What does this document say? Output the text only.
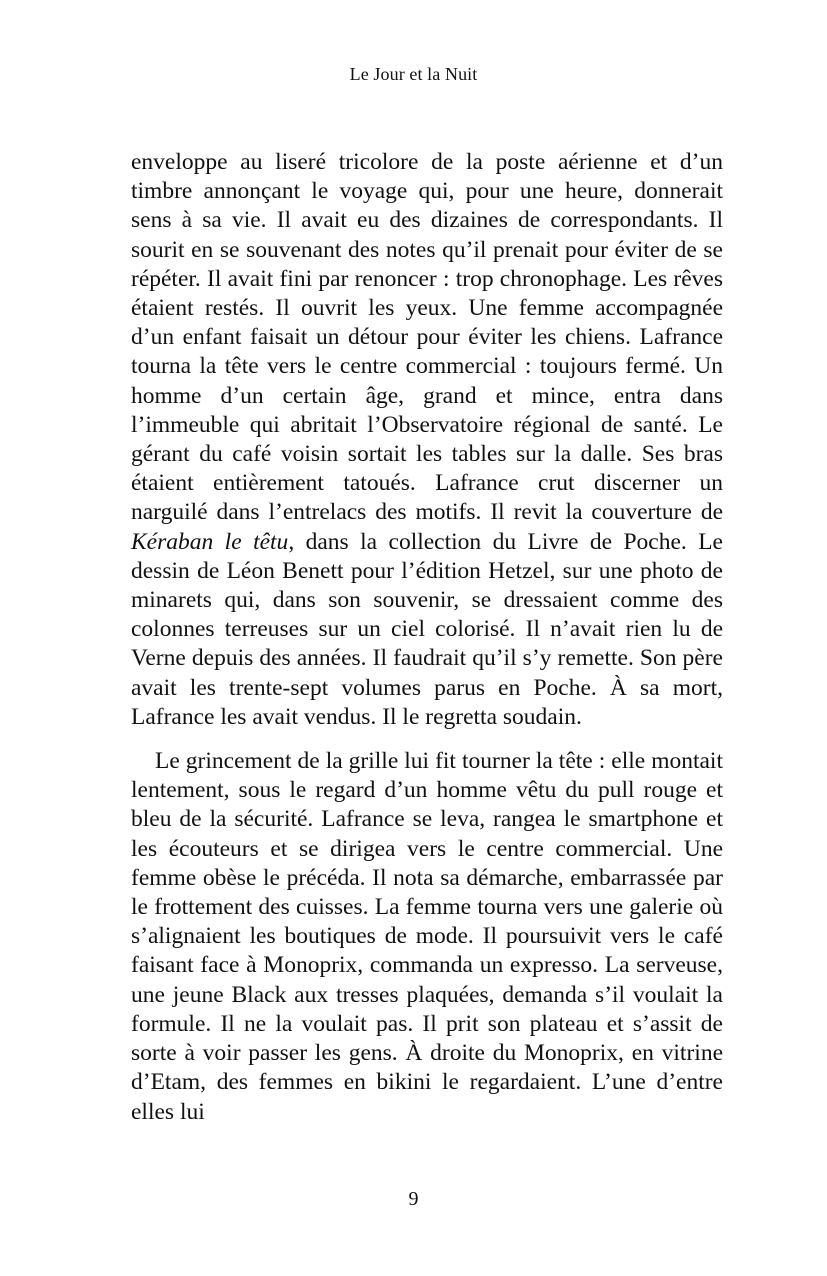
Le Jour et la Nuit

enveloppe au liseré tricolore de la poste aérienne et d’un timbre annonçant le voyage qui, pour une heure, donnerait sens à sa vie. Il avait eu des dizaines de correspondants. Il sourit en se souvenant des notes qu’il prenait pour éviter de se répéter. Il avait fini par renoncer : trop chronophage. Les rêves étaient restés. Il ouvrit les yeux. Une femme accompagnée d’un enfant faisait un détour pour éviter les chiens. Lafrance tourna la tête vers le centre commercial : toujours fermé. Un homme d’un certain âge, grand et mince, entra dans l’immeuble qui abritait l’Observatoire régional de santé. Le gérant du café voisin sortait les tables sur la dalle. Ses bras étaient entièrement tatoués. Lafrance crut discerner un narguilé dans l’entrelacs des motifs. Il revit la couverture de Kéraban le têtu, dans la collection du Livre de Poche. Le dessin de Léon Benett pour l’édition Hetzel, sur une photo de minarets qui, dans son souvenir, se dressaient comme des colonnes terreuses sur un ciel colorisé. Il n’avait rien lu de Verne depuis des années. Il faudrait qu’il s’y remette. Son père avait les trente-sept volumes parus en Poche. À sa mort, Lafrance les avait vendus. Il le regretta soudain.

Le grincement de la grille lui fit tourner la tête : elle montait lentement, sous le regard d’un homme vêtu du pull rouge et bleu de la sécurité. Lafrance se leva, rangea le smartphone et les écouteurs et se dirigea vers le centre commercial. Une femme obèse le précéda. Il nota sa démarche, embarrassée par le frottement des cuisses. La femme tourna vers une galerie où s’alignaient les boutiques de mode. Il poursuivit vers le café faisant face à Monoprix, commanda un expresso. La serveuse, une jeune Black aux tresses plaquées, demanda s’il voulait la formule. Il ne la voulait pas. Il prit son plateau et s’assit de sorte à voir passer les gens. À droite du Monoprix, en vitrine d’Etam, des femmes en bikini le regardaient. L’une d’entre elles lui

9
